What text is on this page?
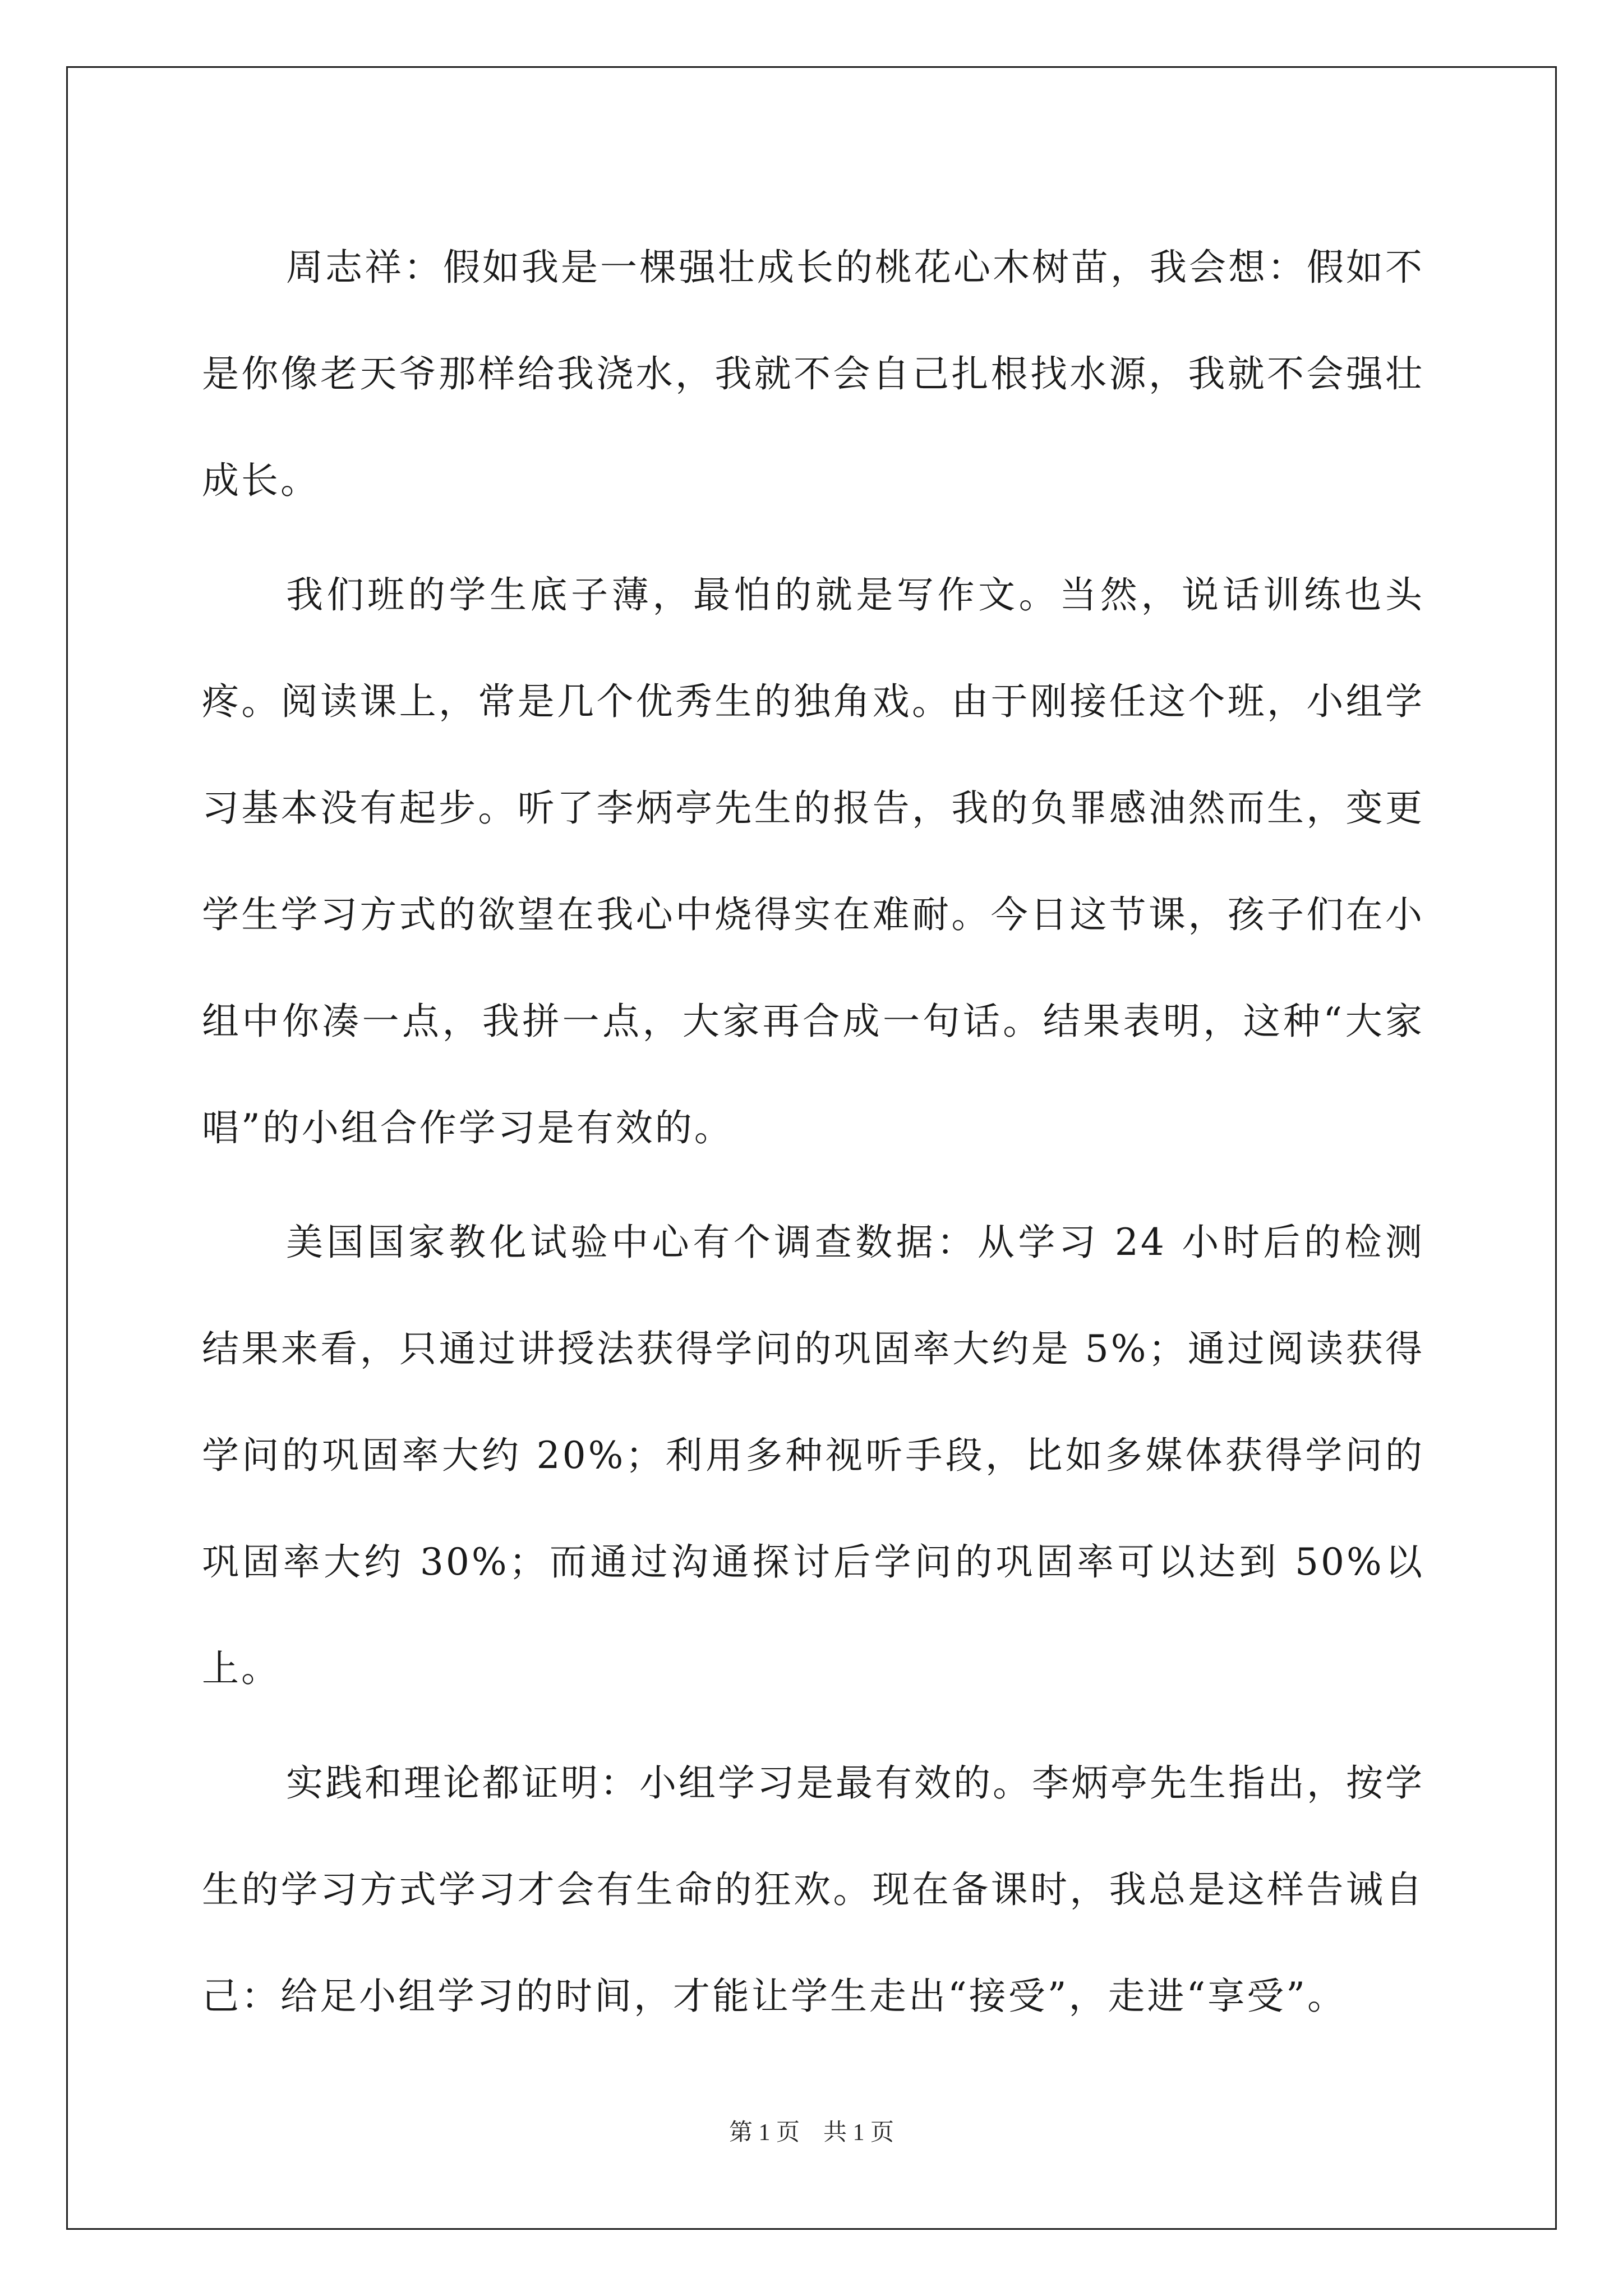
周志祥：假如我是一棵强壮成长的桃花心木树苗，我会想：假如不是你像老天爷那样给我浇水，我就不会自己扎根找水源，我就不会强壮成长。

我们班的学生底子薄，最怕的就是写作文。当然，说话训练也头疼。阅读课上，常是几个优秀生的独角戏。由于刚接任这个班，小组学习基本没有起步。听了李炳亭先生的报告，我的负罪感油然而生，变更学生学习方式的欲望在我心中烧得实在难耐。今日这节课，孩子们在小组中你凑一点，我拼一点，大家再合成一句话。结果表明，这种“大家唱”的小组合作学习是有效的。

美国国家教化试验中心有个调查数据：从学习 24 小时后的检测结果来看，只通过讲授法获得学问的巩固率大约是 5%；通过阅读获得学问的巩固率大约 20%；利用多种视听手段，比如多媒体获得学问的巩固率大约 30%；而通过沟通探讨后学问的巩固率可以达到 50%以上。

实践和理论都证明：小组学习是最有效的。李炳亭先生指出，按学生的学习方式学习才会有生命的狂欢。现在备课时，我总是这样告诫自己：给足小组学习的时间，才能让学生走出“接受”，走进“享受”。

第 1 页　共 1 页
